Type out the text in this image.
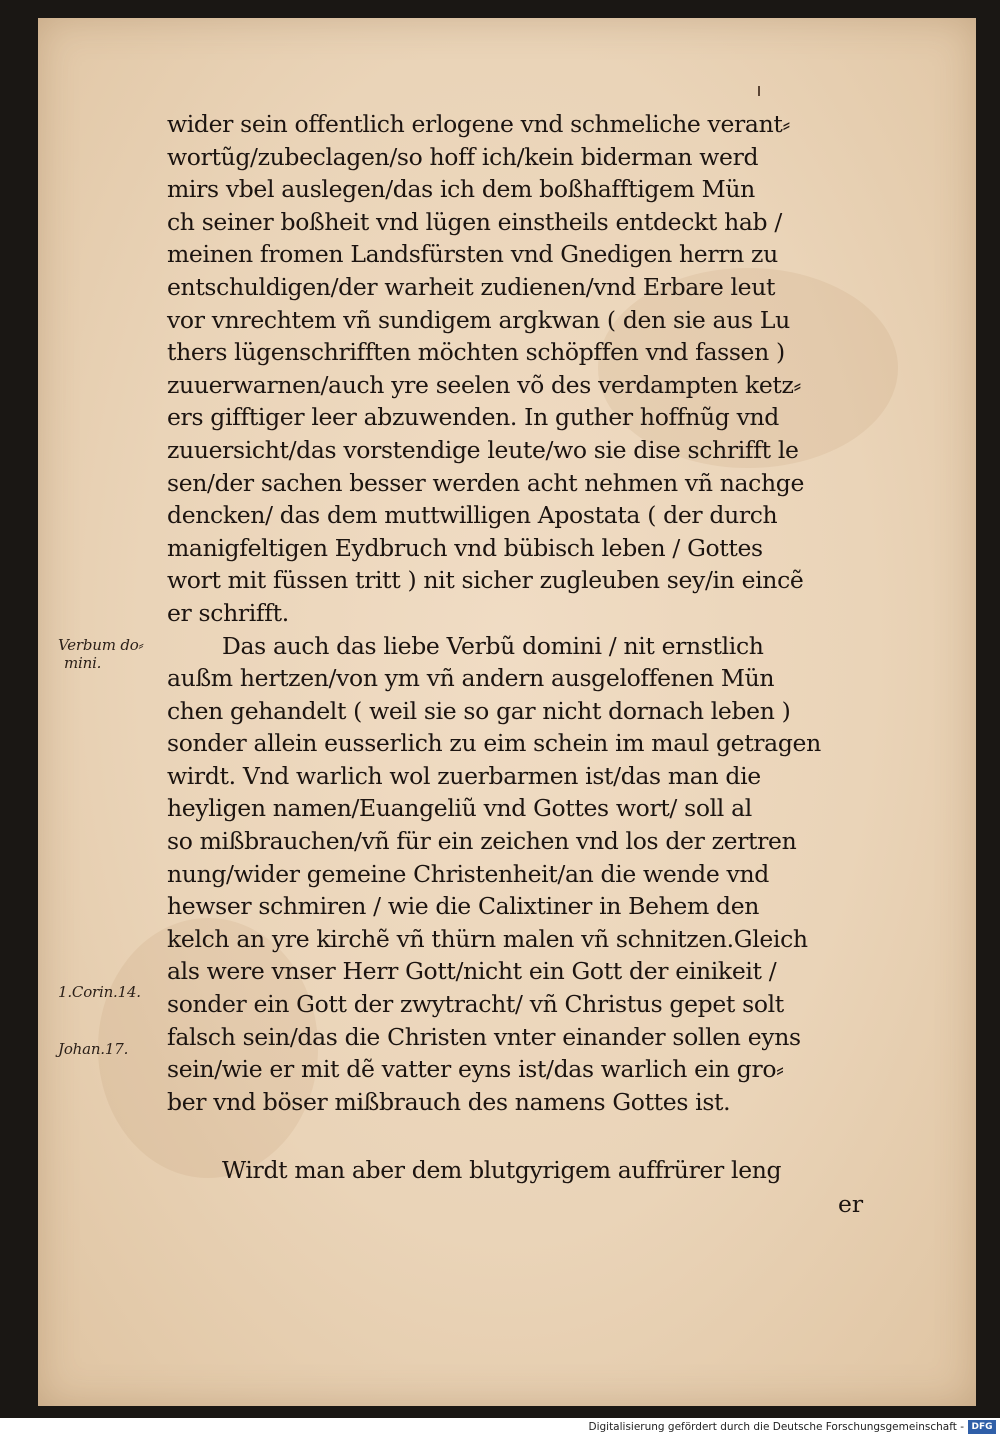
wider sein offentlich erlogene vnd schmeliche verant⸗
wortũg/zubeclagen/so hoff ich/kein biderman werd
mirs vbel auslegen/das ich dem boßhafftigem Mün
ch seiner boßheit vnd lügen einstheils entdeckt hab /
meinen fromen Landsfürsten vnd Gnedigen herrn zu
entschuldigen/der warheit zudienen/vnd Erbare leut
vor vnrechtem vñ sundigem argkwan ( den sie aus Lu
thers lügenschrifften möchten schöpffen vnd fassen )
zuuerwarnen/auch yre seelen võ des verdampten ketz⸗
ers gifftiger leer abzuwenden. In guther hoffnũg vnd
zuuersicht/das vorstendige leute/wo sie dise schrifft le
sen/der sachen besser werden acht nehmen vñ nachge
dencken/ das dem muttwilligen Apostata ( der durch
manigfeltigen Eydbruch vnd bübisch leben / Gottes
wort mit füssen tritt ) nit sicher zugleuben sey/in eincẽ
er schrifft.
Das auch das liebe Verbũ domini / nit ernstlich
außm hertzen/von ym vñ andern ausgeloffenen Mün
chen gehandelt ( weil sie so gar nicht dornach leben )
sonder allein eusserlich zu eim schein im maul getragen
wirdt. Vnd warlich wol zuerbarmen ist/das man die
heyligen namen/Euangeliũ vnd Gottes wort/ soll al
so mißbrauchen/vñ für ein zeichen vnd los der zertren
nung/wider gemeine Christenheit/an die wende vnd
hewser schmiren / wie die Calixtiner in Behem den
kelch an yre kirchẽ vñ thürn malen vñ schnitzen.Gleich
als were vnser Herr Gott/nicht ein Gott der einikeit /
sonder ein Gott der zwytracht/ vñ Christus gepet solt
falsch sein/das die Christen vnter einander sollen eyns
sein/wie er mit dẽ vatter eyns ist/das warlich ein gro⸗
ber vnd böser mißbrauch des namens Gottes ist.
Wirdt man aber dem blutgyrigem auffrürer leng
er
Verbum do⸗
mini.
1.Corin.14.
Johan.17.
Digitalisierung gefördert durch die Deutsche Forschungsgemeinschaft - DFG
